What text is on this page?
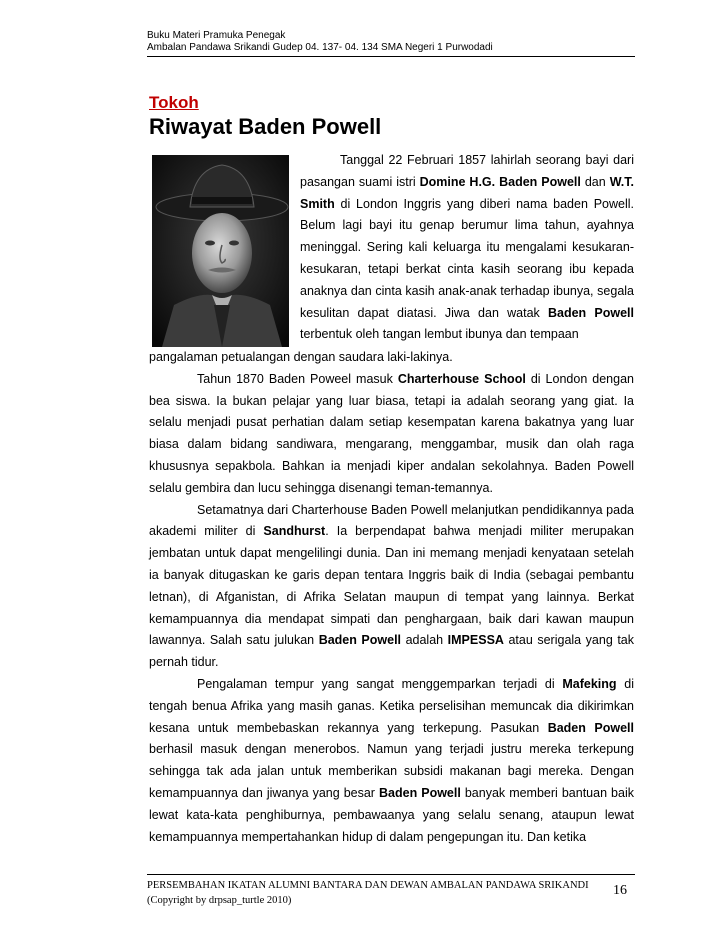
Buku Materi Pramuka Penegak
Ambalan Pandawa Srikandi Gudep 04. 137- 04. 134 SMA Negeri 1 Purwodadi
Tokoh
Riwayat Baden Powell

Tanggal 22 Februari 1857 lahirlah seorang bayi dari pasangan suami istri Domine H.G. Baden Powell dan W.T. Smith di London Inggris yang diberi nama baden Powell. Belum lagi bayi itu genap berumur lima tahun, ayahnya meninggal. Sering kali keluarga itu mengalami kesukaran-kesukaran, tetapi berkat cinta kasih seorang ibu kepada anaknya dan cinta kasih anak-anak terhadap ibunya, segala kesulitan dapat diatasi. Jiwa dan watak Baden Powell terbentuk oleh tangan lembut ibunya dan tempaan

pangalaman petualangan dengan saudara laki-lakinya.

Tahun 1870 Baden Poweel masuk Charterhouse School di London dengan bea siswa. Ia bukan pelajar yang luar biasa, tetapi ia adalah seorang yang giat. Ia selalu menjadi pusat perhatian dalam setiap kesempatan karena bakatnya yang luar biasa dalam bidang sandiwara, mengarang, menggambar, musik dan olah raga khususnya sepakbola. Bahkan ia menjadi kiper andalan sekolahnya. Baden Powell selalu gembira dan lucu sehingga disenangi teman-temannya.

Setamatnya dari Charterhouse Baden Powell melanjutkan pendidikannya pada akademi militer di Sandhurst. Ia berpendapat bahwa menjadi militer merupakan jembatan untuk dapat mengelilingi dunia. Dan ini memang menjadi kenyataan setelah ia banyak ditugaskan ke garis depan tentara Inggris baik di India (sebagai pembantu letnan), di Afganistan, di Afrika Selatan maupun di tempat yang lainnya. Berkat kemampuannya dia mendapat simpati dan penghargaan, baik dari kawan maupun lawannya. Salah satu julukan Baden Powell adalah IMPESSA atau serigala yang tak pernah tidur.

Pengalaman tempur yang sangat menggemparkan terjadi di Mafeking di tengah benua Afrika yang masih ganas. Ketika perselisihan memuncak dia dikirimkan kesana untuk membebaskan rekannya yang terkepung. Pasukan Baden Powell berhasil masuk dengan menerobos. Namun yang terjadi justru mereka terkepung sehingga tak ada jalan untuk memberikan subsidi makanan bagi mereka. Dengan kemampuannya dan jiwanya yang besar Baden Powell banyak memberi bantuan baik lewat kata-kata penghiburnya, pembawaanya yang selalu senang, ataupun lewat kemampuannya mempertahankan hidup di dalam pengepungan itu. Dan ketika

PERSEMBAHAN IKATAN ALUMNI BANTARA DAN DEWAN AMBALAN PANDAWA SRIKANDI
(Copyright by drpsap_turtle 2010)
16
